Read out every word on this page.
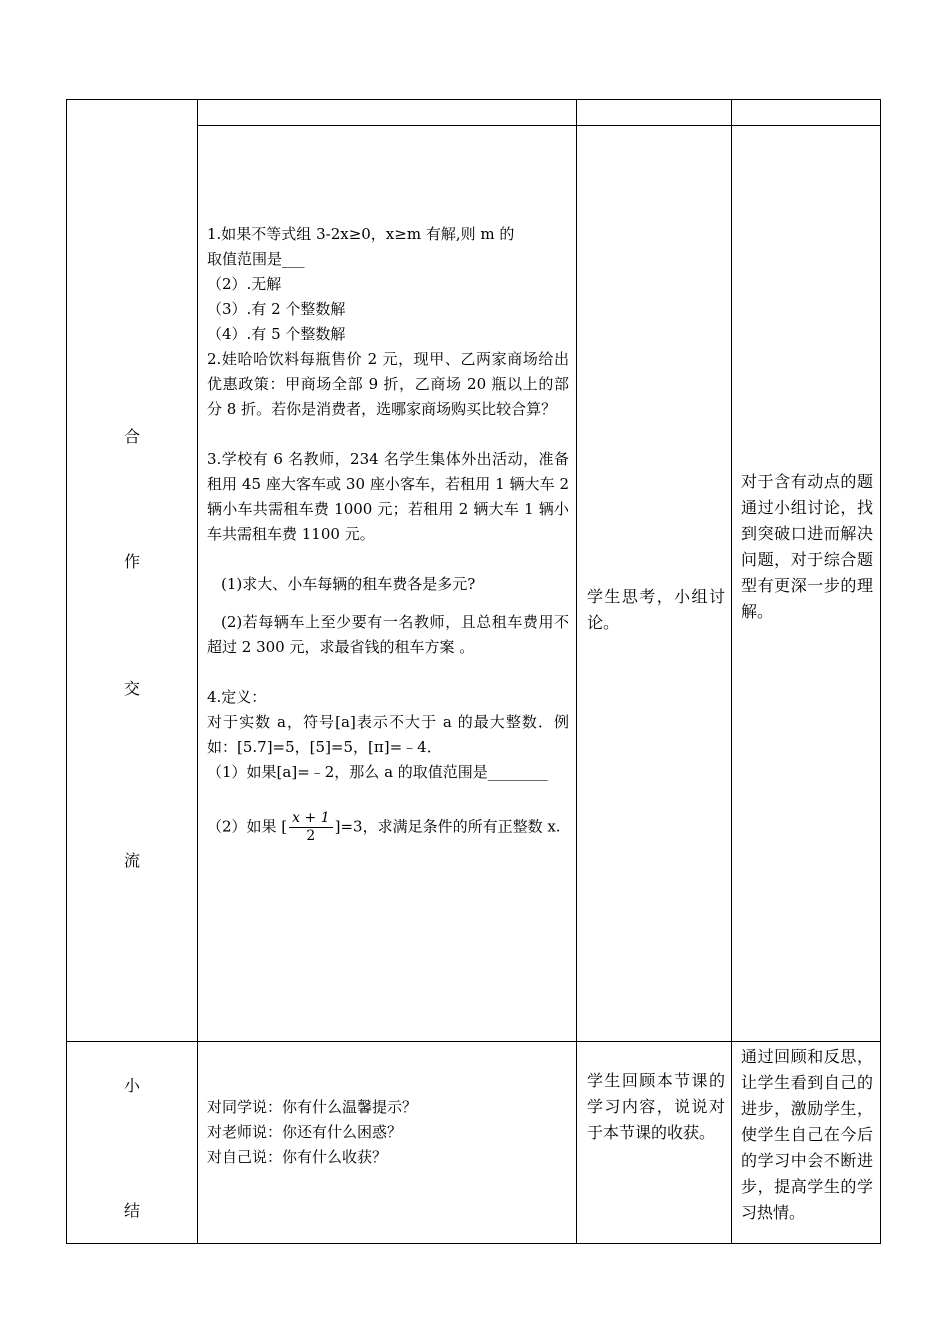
合
作
交
流

1.如果不等式组 3-2x≥0，x≥m 有解,则 m 的

取值范围是___

（2）.无解

（3）.有 2 个整数解

（4）.有 5 个整数解

2.娃哈哈饮料每瓶售价 2 元，现甲、乙两家商场给出优惠政策：甲商场全部 9 折，乙商场 20 瓶以上的部分 8 折。若你是消费者，选哪家商场购买比较合算？

3.学校有 6 名教师，234 名学生集体外出活动，准备租用 45 座大客车或 30 座小客车，若租用 1 辆大车 2 辆小车共需租车费 1000 元；若租用 2 辆大车 1 辆小车共需租车费 1100 元。

(1)求大、小车每辆的租车费各是多元?

(2)若每辆车上至少要有一名教师，且总租车费用不 超过 2 300 元，求最省钱的租车方案 。

4.定义：

对于实数 a，符号[a]表示不大于 a 的最大整数．例如：[5.7]=5，[5]=5，[π]=﹣4．

（1）如果[a]=﹣2，那么 a 的取值范围是________

（2）如果 [ $\frac{x + 1}{2} ]=3$，求满足条件的所有正整数 x.

学生思考，小组讨论。
对于含有动点的题通过小组讨论，找到突破口进而解决问题，对于综合题型有更深一步的理解。
小
结

对同学说：你有什么温馨提示？

对老师说：你还有什么困惑？

对自己说：你有什么收获？

学生回顾本节课的学习内容，说说对于本节课的收获。
通过回顾和反思，让学生看到自己的进步，激励学生，使学生自己在今后的学习中会不断进步，提高学生的学习热情。
